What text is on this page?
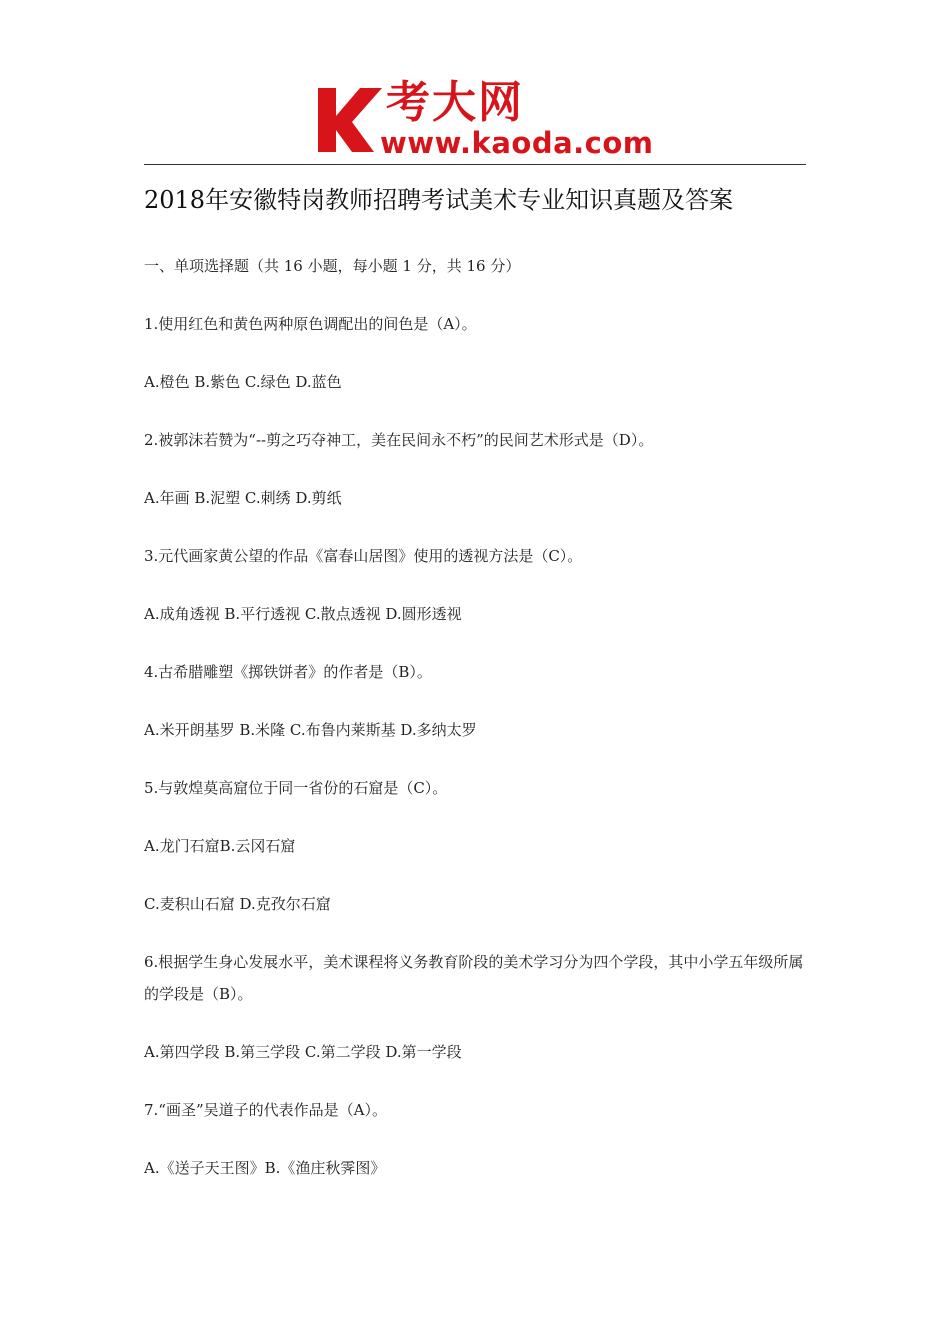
考大网
www.kaoda.com
2018年安徽特岗教师招聘考试美术专业知识真题及答案
一、单项选择题（共 16 小题，每小题 1 分，共 16 分）
1.使用红色和黄色两种原色调配出的间色是（A）。
A.橙色 B.紫色 C.绿色 D.蓝色
2.被郭沫若赞为“--剪之巧夺神工，美在民间永不朽”的民间艺术形式是（D）。
A.年画 B.泥塑 C.刺绣 D.剪纸
3.元代画家黄公望的作品《富春山居图》使用的透视方法是（C）。
A.成角透视 B.平行透视 C.散点透视 D.圆形透视
4.古希腊雕塑《掷铁饼者》的作者是（B）。
A.米开朗基罗 B.米隆 C.布鲁内莱斯基 D.多纳太罗
5.与敦煌莫高窟位于同一省份的石窟是（C）。
A.龙门石窟B.云冈石窟
C.麦积山石窟 D.克孜尔石窟
6.根据学生身心发展水平，美术课程将义务教育阶段的美术学习分为四个学段，其中小学五年级所属的学段是（B）。
A.第四学段 B.第三学段 C.第二学段 D.第一学段
7.“画圣”吴道子的代表作品是（A）。
A.《送子天王图》B.《渔庄秋霁图》
